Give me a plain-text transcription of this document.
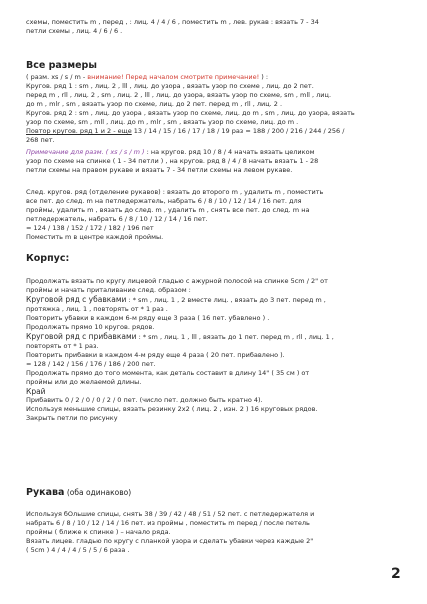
схемы, поместить m , перед , : лиц. 4 / 4 / 6 , поместить m , лев. рукав : вязать 7 - 34
петли схемы , лиц. 4 / 6 / 6 .
Все размеры
( разм. xs / s / m - внимание! Перед началом смотрите примечание! ) :
Кругов. ряд 1 : sm , лиц. 2 , lll , лиц. до узора , вязать узор по схеме , лиц. до 2 пет.
перед m , rll , лиц. 2 , sm , лиц. 2 , lll , лиц. до узора, вязать узор по схеме, sm , mll , лиц.
до m , mlr , sm , вязать узор по схеме, лиц. до 2 пет. перед m , rll , лиц. 2 .
Кругов. ряд 2 : sm , лиц. до узора , вязать узор по схеме, лиц. до m , sm , лиц. до узора, вязать
узор по схеме, sm , mll , лиц. до m , mlr , sm , вязать узор по схеме, лиц. до m .
Повтор кругов. ряд 1 и 2 - еще 13 / 14 / 15 / 16 / 17 / 18 / 19 раз = 188 / 200 / 216 / 244 / 256 /
268 пет.
Примечание для разм. ( xs / s / m ) : на кругов. ряд 10 / 8 / 4 начать вязать целиком
узор по схеме на спинке ( 1 - 34 петли ) , на кругов. ряд 8 / 4 / 8 начать вязать 1 - 28
петли схемы на правом рукаве и вязать 7 - 34 петли схемы на левом рукаве.
След. кругов. ряд (отделение рукавов) : вязать до второго m , удалить m , поместить
все пет. до след. m на петледержатель, набрать 6 / 8 / 10 / 12 / 14 / 16 пет. для
проймы, удалить m , вязать до след. m , удалить m , снять все пет. до след. m на
петледержатель, набрать 6 / 8 / 10 / 12 / 14 / 16 пет.
= 124 / 138 / 152 / 172 / 182 / 196 пет
Поместить m в центре каждой проймы.
Корпус:
Продолжать вязать по кругу лицевой гладью с ажурной полосой на спинке 5cm / 2" от
проймы и начать приталивание след. образом :
Круговой ряд с убавками : * sm , лиц. 1 , 2 вместе лиц. , вязать до 3 пет. перед m ,
протяжка , лиц. 1 , повторять от * 1 раз .
Повторить убавки в каждом 6-м ряду еще 3 раза ( 16 пет. убавлено ) .
Продолжать прямо 10 кругов. рядов.
Круговой ряд с прибавками : * sm , лиц. 1 , lll , вязать до 1 пет. перед m , rll , лиц. 1 ,
повторять от * 1 раз.
Повторить прибавки в каждом 4-м ряду еще 4 раза ( 20 пет. прибавлено ).
= 128 / 142 / 156 / 176 / 186 / 200 пет.
Продолжать прямо до того момента, как деталь составит в длину 14" ( 35 см ) от
проймы или до желаемой длины.
Край
Прибавить 0 / 2 / 0 / 0 / 2 / 0 пет. (число пет. должно быть кратно 4).
Используя меньшие спицы, вязать резинку 2x2 ( лиц. 2 , изн. 2 ) 16 круговых рядов.
Закрыть петли по рисунку
Рукава (оба одинаково)
Используя бОльшие спицы, снять 38 / 39 / 42 / 48 / 51 / 52 пет. с петледержателя и
набрать 6 / 8 / 10 / 12 / 14 / 16 пет. из проймы , поместить m перед / после петель
проймы ( ближе к спинке ) – начало ряда.
Вязать лицев. гладью по кругу с планкой узора и сделать убавки через каждые 2"
( 5cm ) 4 / 4 / 4 / 5 / 5 / 6 раза .
2
